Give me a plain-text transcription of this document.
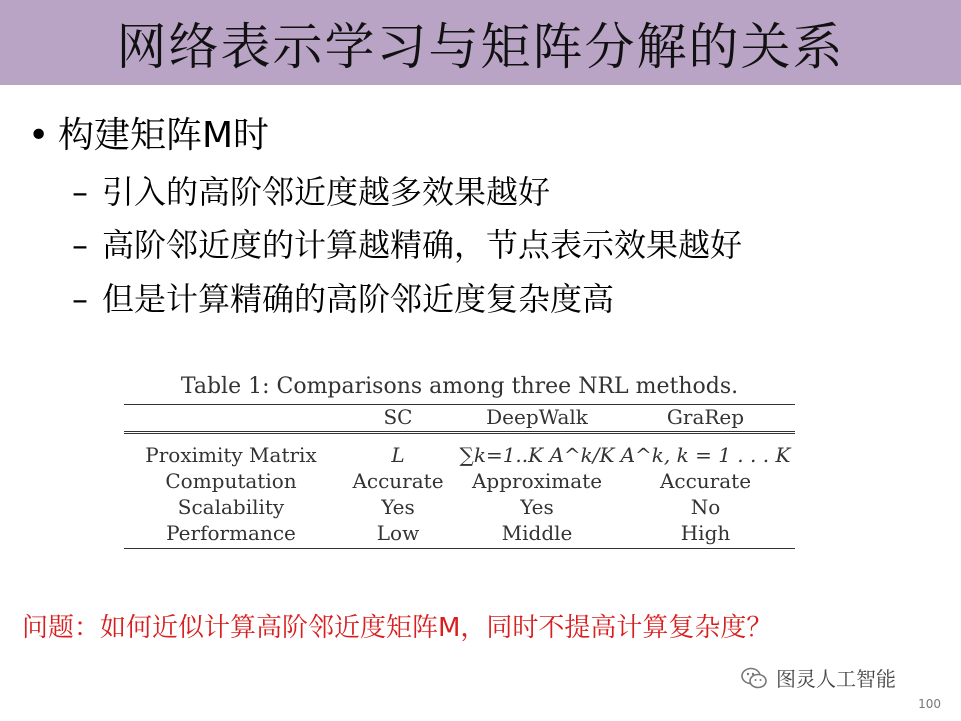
网络表示学习与矩阵分解的关系
• 构建矩阵M时
– 引入的高阶邻近度越多效果越好
– 高阶邻近度的计算越精确，节点表示效果越好
– 但是计算精确的高阶邻近度复杂度高
Table 1: Comparisons among three NRL methods.
	SC	DeepWalk	GraRep
Proximity Matrix	L	∑k=1..K A^k/K	A^k, k = 1 . . . K
Computation	Accurate	Approximate	Accurate
Scalability	Yes	Yes	No
Performance	Low	Middle	High
问题：如何近似计算高阶邻近度矩阵M，同时不提高计算复杂度？
图灵人工智能
100
